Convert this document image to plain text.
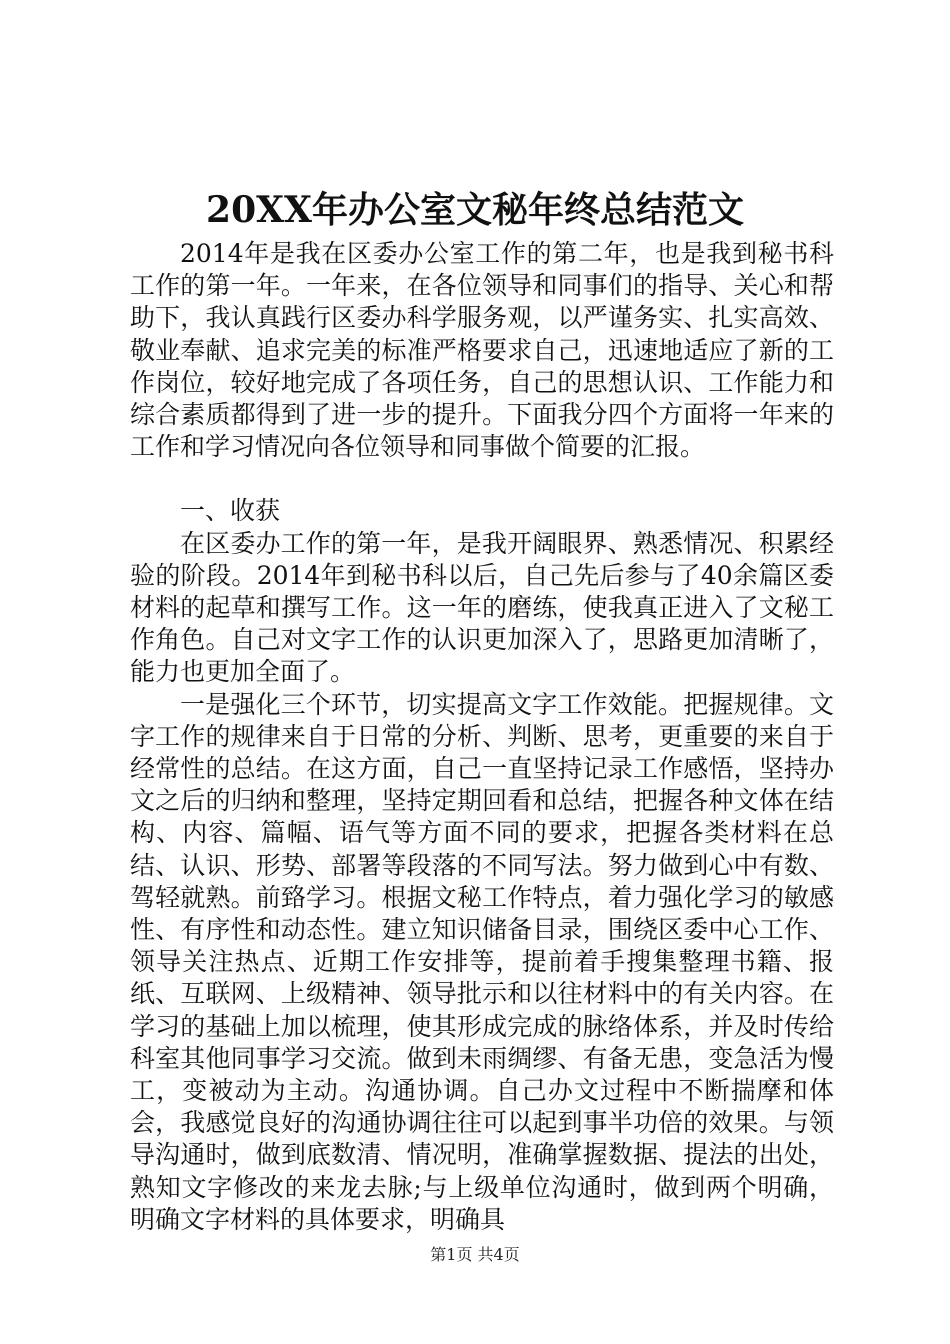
20XX年办公室文秘年终总结范文

2014年是我在区委办公室工作的第二年，也是我到秘书科工作的第一年。一年来，在各位领导和同事们的指导、关心和帮助下，我认真践行区委办科学服务观，以严谨务实、扎实高效、敬业奉献、追求完美的标准严格要求自己，迅速地适应了新的工作岗位，较好地完成了各项任务，自己的思想认识、工作能力和综合素质都得到了进一步的提升。下面我分四个方面将一年来的工作和学习情况向各位领导和同事做个简要的汇报。

一、收获

在区委办工作的第一年，是我开阔眼界、熟悉情况、积累经验的阶段。2014年到秘书科以后，自己先后参与了40余篇区委材料的起草和撰写工作。这一年的磨练，使我真正进入了文秘工作角色。自己对文字工作的认识更加深入了，思路更加清晰了，能力也更加全面了。

一是强化三个环节，切实提高文字工作效能。把握规律。文字工作的规律来自于日常的分析、判断、思考，更重要的来自于经常性的总结。在这方面，自己一直坚持记录工作感悟，坚持办文之后的归纳和整理，坚持定期回看和总结，把握各种文体在结构、内容、篇幅、语气等方面不同的要求，把握各类材料在总结、认识、形势、部署等段落的不同写法。努力做到心中有数、驾轻就熟。前臵学习。根据文秘工作特点，着力强化学习的敏感性、有序性和动态性。建立知识储备目录，围绕区委中心工作、领导关注热点、近期工作安排等，提前着手搜集整理书籍、报纸、互联网、上级精神、领导批示和以往材料中的有关内容。在学习的基础上加以梳理，使其形成完成的脉络体系，并及时传给科室其他同事学习交流。做到未雨绸缪、有备无患，变急活为慢工，变被动为主动。沟通协调。自己办文过程中不断揣摩和体会，我感觉良好的沟通协调往往可以起到事半功倍的效果。与领导沟通时，做到底数清、情况明，准确掌握数据、提法的出处，熟知文字修改的来龙去脉;与上级单位沟通时，做到两个明确，明确文字材料的具体要求，明确具

第1页 共4页
